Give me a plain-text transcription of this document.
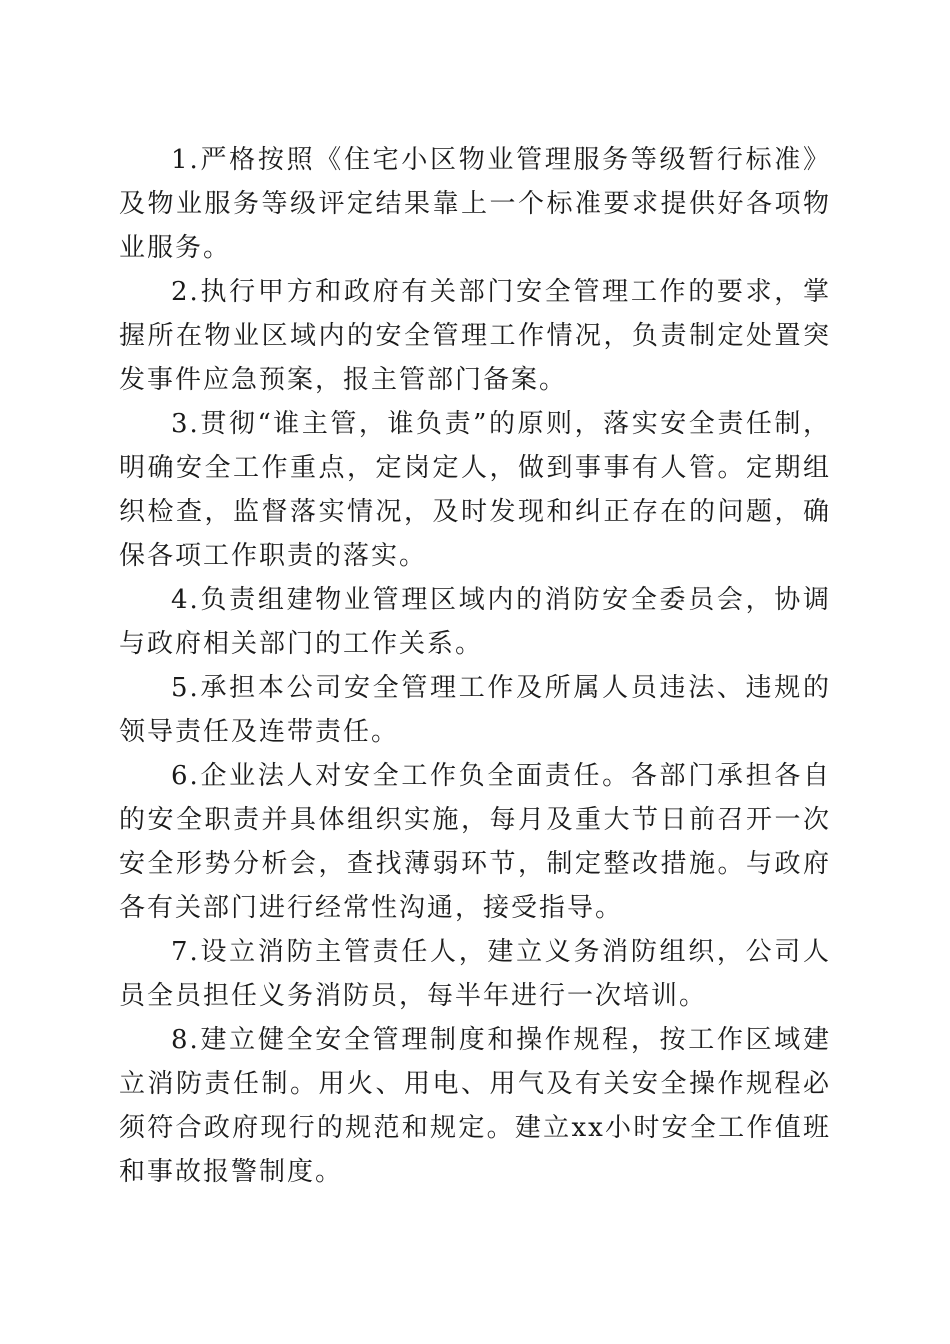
1.严格按照《住宅小区物业管理服务等级暂行标准》及物业服务等级评定结果靠上一个标准要求提供好各项物业服务。

2.执行甲方和政府有关部门安全管理工作的要求，掌握所在物业区域内的安全管理工作情况，负责制定处置突发事件应急预案，报主管部门备案。

3.贯彻“谁主管，谁负责”的原则，落实安全责任制，明确安全工作重点，定岗定人，做到事事有人管。定期组织检查，监督落实情况，及时发现和纠正存在的问题，确保各项工作职责的落实。

4.负责组建物业管理区域内的消防安全委员会，协调与政府相关部门的工作关系。

5.承担本公司安全管理工作及所属人员违法、违规的领导责任及连带责任。

6.企业法人对安全工作负全面责任。各部门承担各自的安全职责并具体组织实施，每月及重大节日前召开一次安全形势分析会，查找薄弱环节，制定整改措施。与政府各有关部门进行经常性沟通，接受指导。

7.设立消防主管责任人，建立义务消防组织，公司人员全员担任义务消防员，每半年进行一次培训。

8.建立健全安全管理制度和操作规程，按工作区域建立消防责任制。用火、用电、用气及有关安全操作规程必须符合政府现行的规范和规定。建立xx小时安全工作值班和事故报警制度。
